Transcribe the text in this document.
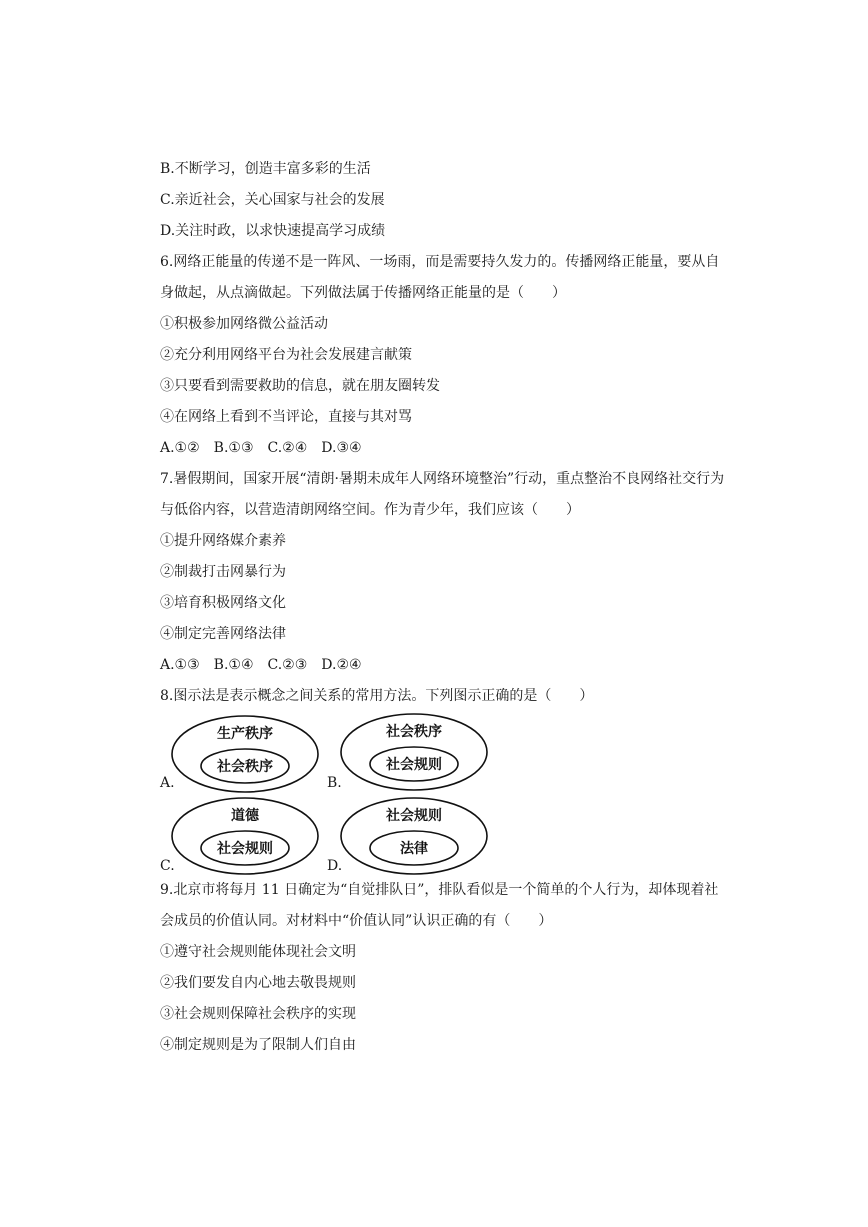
B.不断学习，创造丰富多彩的生活
C.亲近社会，关心国家与社会的发展
D.关注时政，以求快速提高学习成绩
6.网络正能量的传递不是一阵风、一场雨，而是需要持久发力的。传播网络正能量，要从自
身做起，从点滴做起。下列做法属于传播网络正能量的是（　　）
①积极参加网络微公益活动
②充分利用网络平台为社会发展建言献策
③只要看到需要救助的信息，就在朋友圈转发
④在网络上看到不当评论，直接与其对骂
A.①②　B.①③　C.②④　D.③④
7.暑假期间，国家开展“清朗·暑期未成年人网络环境整治”行动，重点整治不良网络社交行为
与低俗内容，以营造清朗网络空间。作为青少年，我们应该（　　）
①提升网络媒介素养
②制裁打击网暴行为
③培育积极网络文化
④制定完善网络法律
A.①③　B.①④　C.②③　D.②④
8.图示法是表示概念之间关系的常用方法。下列图示正确的是（　　）
A.
生产秩序
社会秩序
B.
社会秩序
社会规则
C.
道德
社会规则
D.
社会规则
法律
9.北京市将每月 11 日确定为“自觉排队日”，排队看似是一个简单的个人行为，却体现着社
会成员的价值认同。对材料中“价值认同”认识正确的有（　　）
①遵守社会规则能体现社会文明
②我们要发自内心地去敬畏规则
③社会规则保障社会秩序的实现
④制定规则是为了限制人们自由
